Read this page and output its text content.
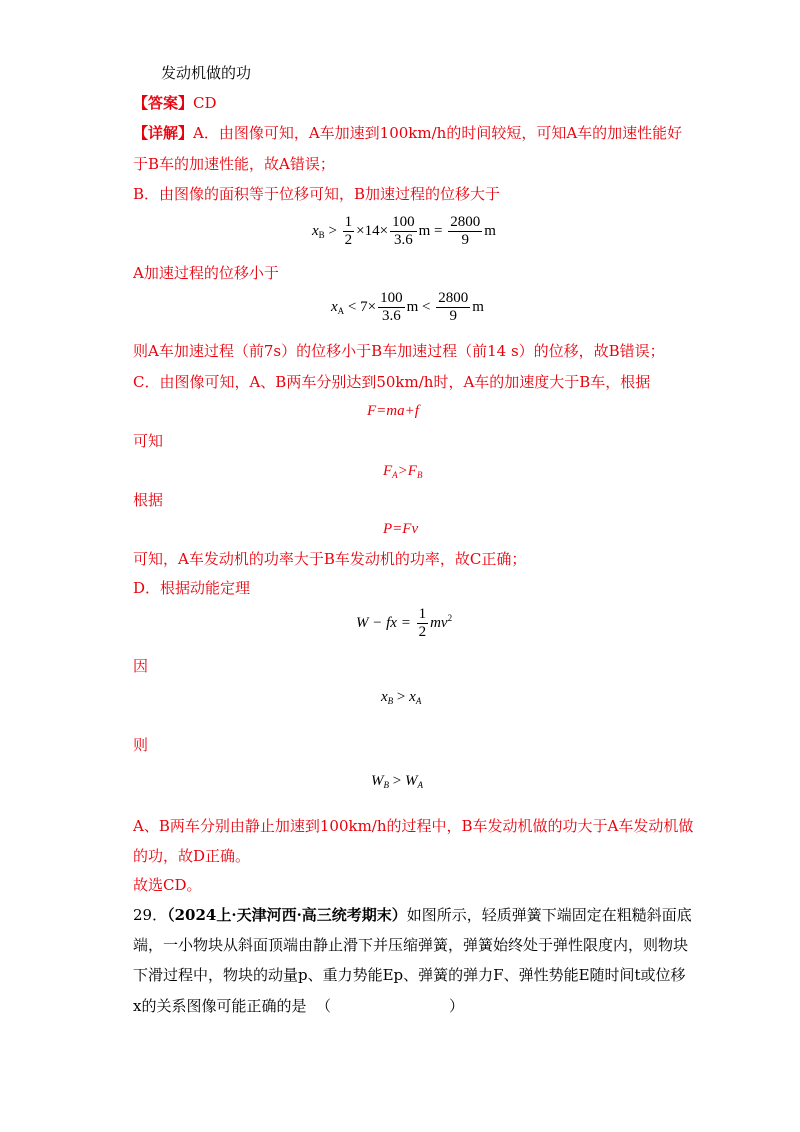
发动机做的功
【答案】CD
【详解】A．由图像可知，A车加速到100km/h的时间较短，可知A车的加速性能好
于B车的加速性能，故A错误；
B．由图像的面积等于位移可知，B加速过程的位移大于
$x_B > \frac{1}{2} \times 14\times \frac{100}{3.6}$ $m = \frac{2800}{9}$ m
A加速过程的位移小于
$x_A < 7\times \frac{100}{3.6}$ $m < \frac{2800}{9}$ m
则A车加速过程（前7s）的位移小于B车加速过程（前14 s）的位移，故B错误；
C．由图像可知，A、B两车分别达到50km/h时，A车的加速度大于B车，根据
F=ma+f
可知
$F_A>F_B$
根据
P=Fv
可知，A车发动机的功率大于B车发动机的功率，故C正确；
D．根据动能定理
W − fx = $\frac{1}{2} mv^2$
因
$x_B > x_A$
则
$W_B > W_A$
A、B两车分别由静止加速到100km/h的过程中，B车发动机做的功大于A车发动机做
的功，故D正确。
故选CD。
29．（2024上·天津河西·高三统考期末）如图所示，轻质弹簧下端固定在粗糙斜面底
端，一小物块从斜面顶端由静止滑下并压缩弹簧，弹簧始终处于弹性限度内，则物块
下滑过程中，物块的动量p、重力势能Ep、弹簧的弹力F、弹性势能E随时间t或位移
x的关系图像可能正确的是 （	）
